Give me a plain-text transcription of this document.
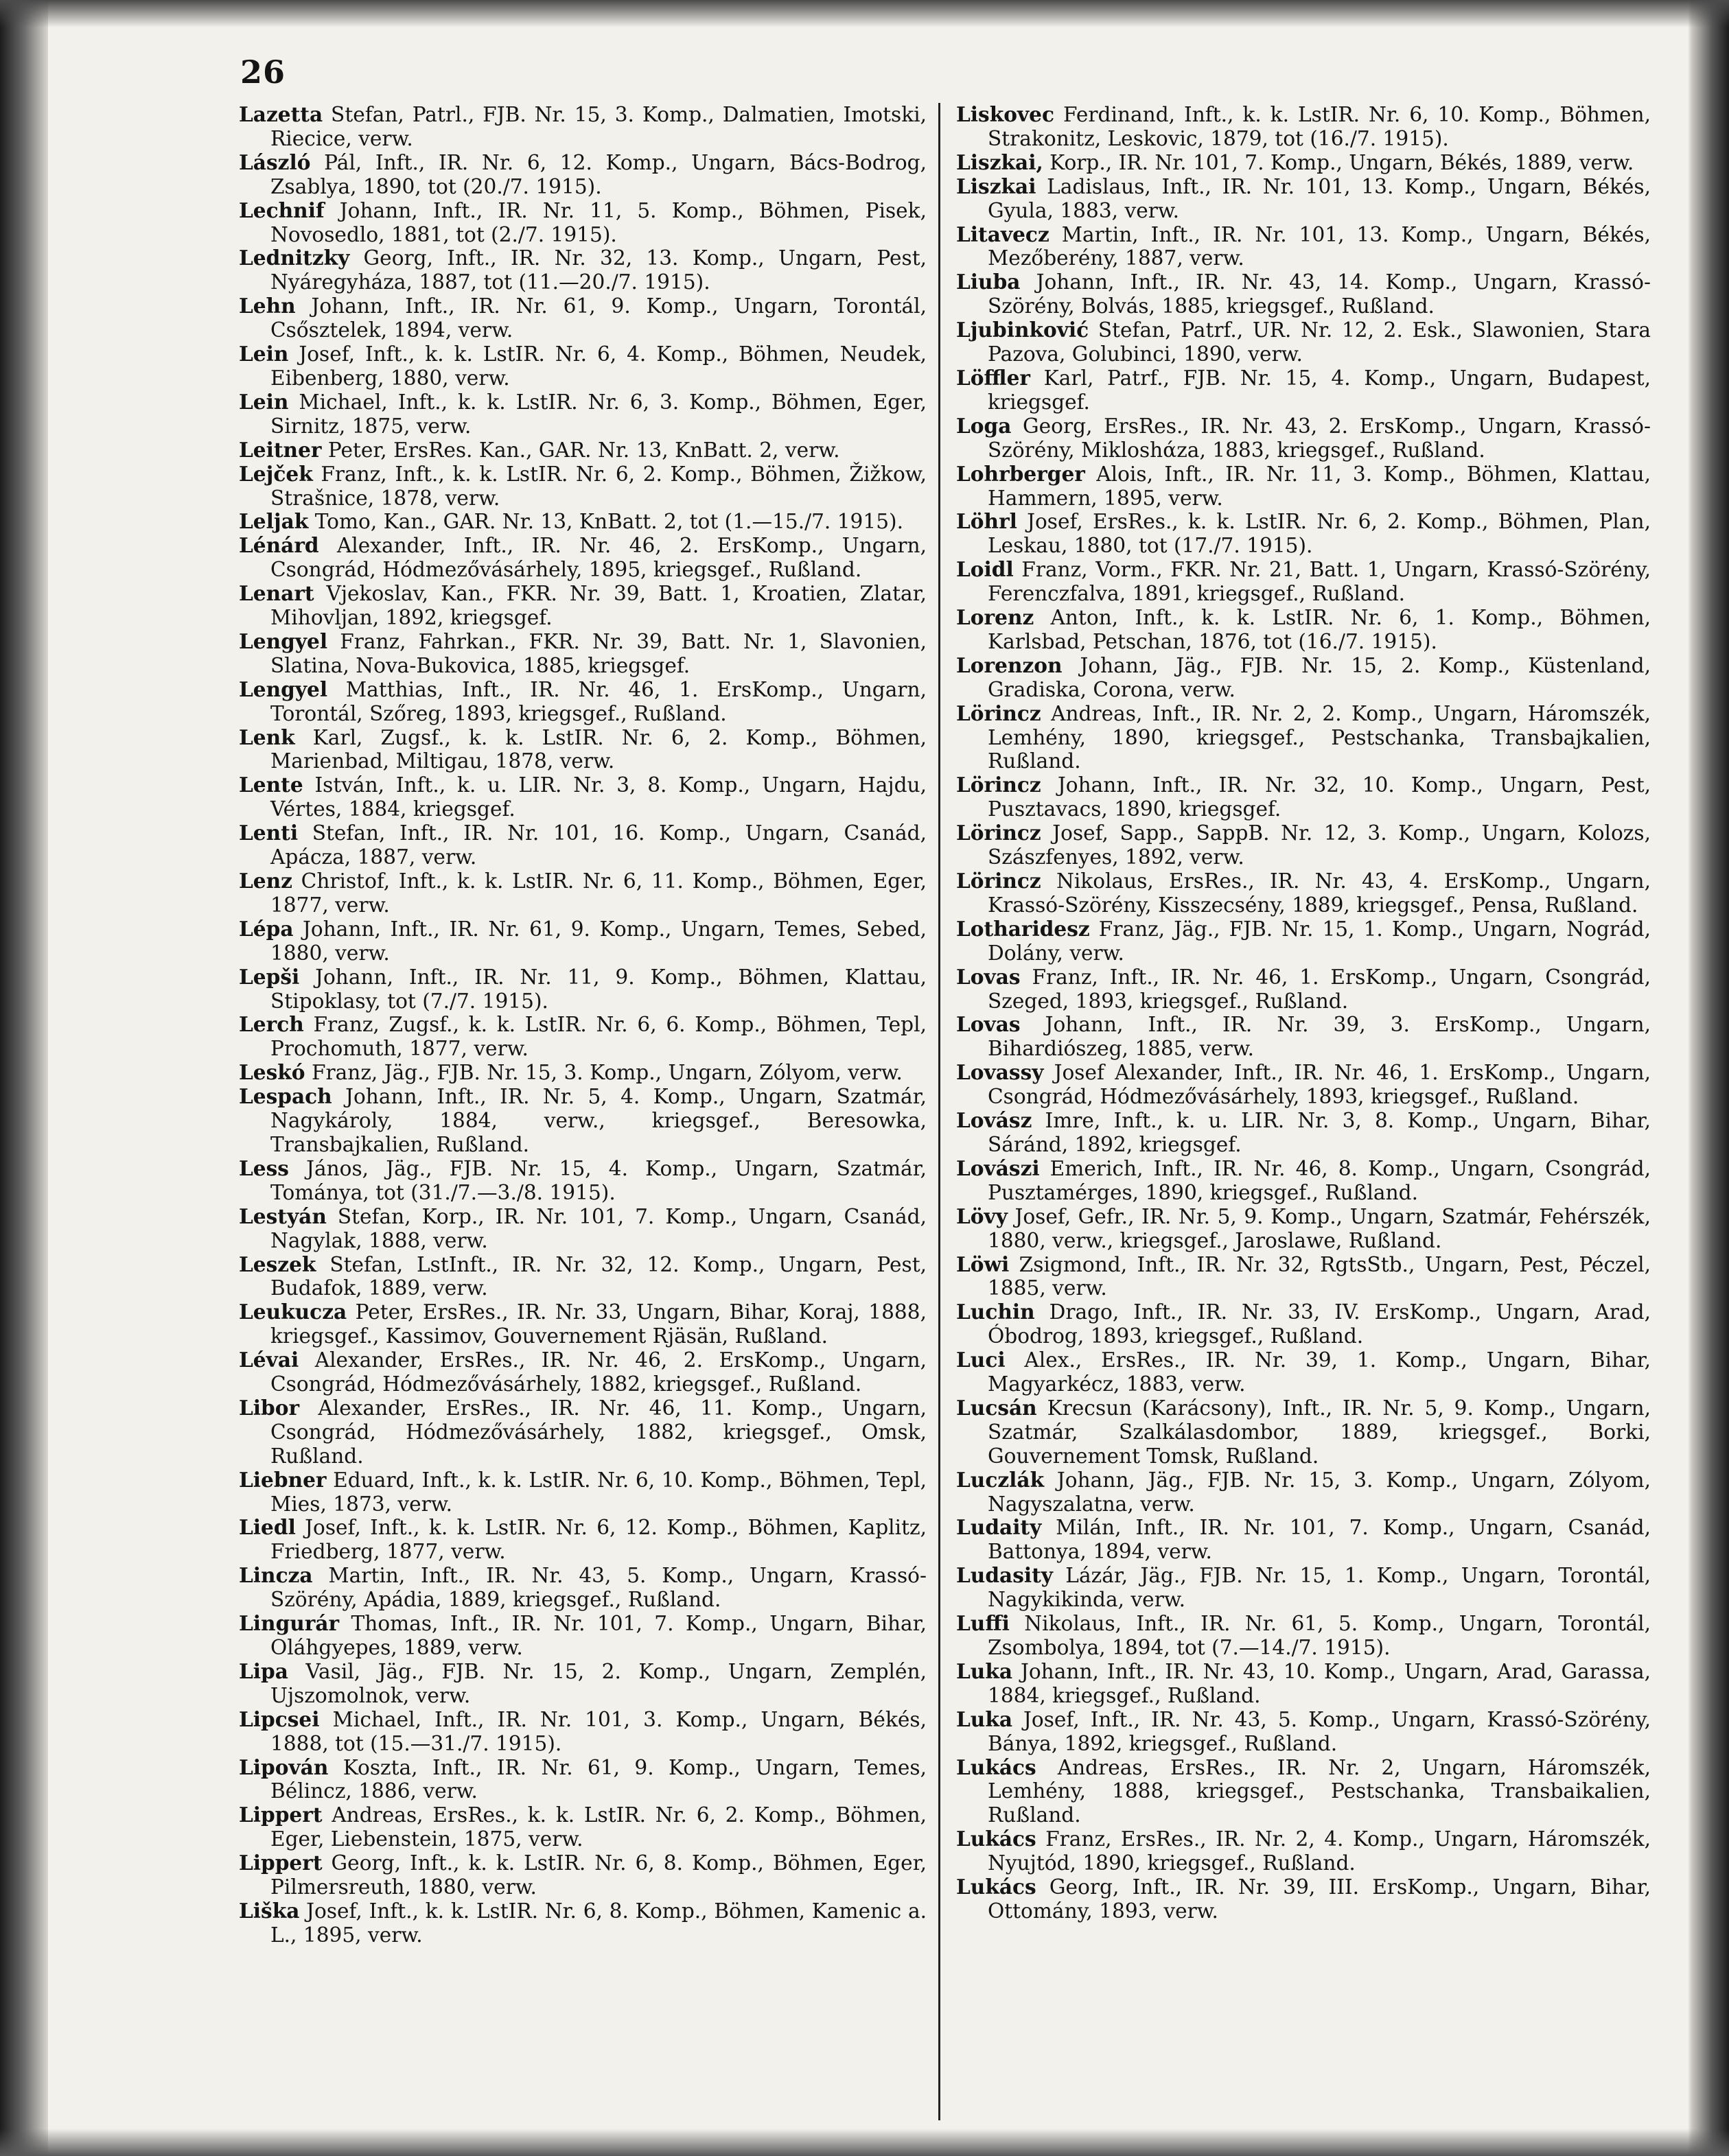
26

Lazetta Stefan, Patrl., FJB. Nr. 15, 3. Komp., Dalmatien, Imotski, Riecice, verw.

László Pál, Inft., IR. Nr. 6, 12. Komp., Ungarn, Bács-Bodrog, Zsablya, 1890, tot (20./7. 1915).

Lechnif Johann, Inft., IR. Nr. 11, 5. Komp., Böhmen, Pisek, Novosedlo, 1881, tot (2./7. 1915).

Lednitzky Georg, Inft., IR. Nr. 32, 13. Komp., Ungarn, Pest, Nyáregyháza, 1887, tot (11.—20./7. 1915).

Lehn Johann, Inft., IR. Nr. 61, 9. Komp., Ungarn, Torontál, Csősztelek, 1894, verw.

Lein Josef, Inft., k. k. LstIR. Nr. 6, 4. Komp., Böhmen, Neudek, Eibenberg, 1880, verw.

Lein Michael, Inft., k. k. LstIR. Nr. 6, 3. Komp., Böhmen, Eger, Sirnitz, 1875, verw.

Leitner Peter, ErsRes. Kan., GAR. Nr. 13, KnBatt. 2, verw.

Lejček Franz, Inft., k. k. LstIR. Nr. 6, 2. Komp., Böhmen, Žižkow, Strašnice, 1878, verw.

Leljak Tomo, Kan., GAR. Nr. 13, KnBatt. 2, tot (1.—15./7. 1915).

Lénárd Alexander, Inft., IR. Nr. 46, 2. ErsKomp., Ungarn, Csongrád, Hódmezővásárhely, 1895, kriegsgef., Rußland.

Lenart Vjekoslav, Kan., FKR. Nr. 39, Batt. 1, Kroatien, Zlatar, Mihovljan, 1892, kriegsgef.

Lengyel Franz, Fahrkan., FKR. Nr. 39, Batt. Nr. 1, Slavonien, Slatina, Nova-Bukovica, 1885, kriegsgef.

Lengyel Matthias, Inft., IR. Nr. 46, 1. ErsKomp., Ungarn, Torontál, Szőreg, 1893, kriegsgef., Rußland.

Lenk Karl, Zugsf., k. k. LstIR. Nr. 6, 2. Komp., Böhmen, Marienbad, Miltigau, 1878, verw.

Lente István, Inft., k. u. LIR. Nr. 3, 8. Komp., Ungarn, Hajdu, Vértes, 1884, kriegsgef.

Lenti Stefan, Inft., IR. Nr. 101, 16. Komp., Ungarn, Csanád, Apácza, 1887, verw.

Lenz Christof, Inft., k. k. LstIR. Nr. 6, 11. Komp., Böhmen, Eger, 1877, verw.

Lépa Johann, Inft., IR. Nr. 61, 9. Komp., Ungarn, Temes, Sebed, 1880, verw.

Lepši Johann, Inft., IR. Nr. 11, 9. Komp., Böhmen, Klattau, Stipoklasy, tot (7./7. 1915).

Lerch Franz, Zugsf., k. k. LstIR. Nr. 6, 6. Komp., Böhmen, Tepl, Prochomuth, 1877, verw.

Leskó Franz, Jäg., FJB. Nr. 15, 3. Komp., Ungarn, Zólyom, verw.

Lespach Johann, Inft., IR. Nr. 5, 4. Komp., Ungarn, Szatmár, Nagykároly, 1884, verw., kriegsgef., Beresowka, Transbajkalien, Rußland.

Less János, Jäg., FJB. Nr. 15, 4. Komp., Ungarn, Szatmár, Tománya, tot (31./7.—3./8. 1915).

Lestyán Stefan, Korp., IR. Nr. 101, 7. Komp., Ungarn, Csanád, Nagylak, 1888, verw.

Leszek Stefan, LstInft., IR. Nr. 32, 12. Komp., Ungarn, Pest, Budafok, 1889, verw.

Leukucza Peter, ErsRes., IR. Nr. 33, Ungarn, Bihar, Koraj, 1888, kriegsgef., Kassimov, Gouvernement Rjäsän, Rußland.

Lévai Alexander, ErsRes., IR. Nr. 46, 2. ErsKomp., Ungarn, Csongrád, Hódmezővásárhely, 1882, kriegsgef., Rußland.

Libor Alexander, ErsRes., IR. Nr. 46, 11. Komp., Ungarn, Csongrád, Hódmezővásárhely, 1882, kriegsgef., Omsk, Rußland.

Liebner Eduard, Inft., k. k. LstIR. Nr. 6, 10. Komp., Böhmen, Tepl, Mies, 1873, verw.

Liedl Josef, Inft., k. k. LstIR. Nr. 6, 12. Komp., Böhmen, Kaplitz, Friedberg, 1877, verw.

Lincza Martin, Inft., IR. Nr. 43, 5. Komp., Ungarn, Krassó-Szörény, Apádia, 1889, kriegsgef., Rußland.

Lingurár Thomas, Inft., IR. Nr. 101, 7. Komp., Ungarn, Bihar, Oláhgyepes, 1889, verw.

Lipa Vasil, Jäg., FJB. Nr. 15, 2. Komp., Ungarn, Zemplén, Ujszomolnok, verw.

Lipcsei Michael, Inft., IR. Nr. 101, 3. Komp., Ungarn, Békés, 1888, tot (15.—31./7. 1915).

Lipován Koszta, Inft., IR. Nr. 61, 9. Komp., Ungarn, Temes, Bélincz, 1886, verw.

Lippert Andreas, ErsRes., k. k. LstIR. Nr. 6, 2. Komp., Böhmen, Eger, Liebenstein, 1875, verw.

Lippert Georg, Inft., k. k. LstIR. Nr. 6, 8. Komp., Böhmen, Eger, Pilmersreuth, 1880, verw.

Liška Josef, Inft., k. k. LstIR. Nr. 6, 8. Komp., Böhmen, Kamenic a. L., 1895, verw.

Liskovec Ferdinand, Inft., k. k. LstIR. Nr. 6, 10. Komp., Böhmen, Strakonitz, Leskovic, 1879, tot (16./7. 1915).

Liszkai, Korp., IR. Nr. 101, 7. Komp., Ungarn, Békés, 1889, verw.

Liszkai Ladislaus, Inft., IR. Nr. 101, 13. Komp., Ungarn, Békés, Gyula, 1883, verw.

Litavecz Martin, Inft., IR. Nr. 101, 13. Komp., Ungarn, Békés, Mezőberény, 1887, verw.

Liuba Johann, Inft., IR. Nr. 43, 14. Komp., Ungarn, Krassó-Szörény, Bolvás, 1885, kriegsgef., Rußland.

Ljubinković Stefan, Patrf., UR. Nr. 12, 2. Esk., Slawonien, Stara Pazova, Golubinci, 1890, verw.

Löffler Karl, Patrf., FJB. Nr. 15, 4. Komp., Ungarn, Budapest, kriegsgef.

Loga Georg, ErsRes., IR. Nr. 43, 2. ErsKomp., Ungarn, Krassó-Szörény, Mikloshάza, 1883, kriegsgef., Rußland.

Lohrberger Alois, Inft., IR. Nr. 11, 3. Komp., Böhmen, Klattau, Hammern, 1895, verw.

Löhrl Josef, ErsRes., k. k. LstIR. Nr. 6, 2. Komp., Böhmen, Plan, Leskau, 1880, tot (17./7. 1915).

Loidl Franz, Vorm., FKR. Nr. 21, Batt. 1, Ungarn, Krassó-Szörény, Ferenczfalva, 1891, kriegsgef., Rußland.

Lorenz Anton, Inft., k. k. LstIR. Nr. 6, 1. Komp., Böhmen, Karlsbad, Petschan, 1876, tot (16./7. 1915).

Lorenzon Johann, Jäg., FJB. Nr. 15, 2. Komp., Küstenland, Gradiska, Corona, verw.

Lörincz Andreas, Inft., IR. Nr. 2, 2. Komp., Ungarn, Háromszék, Lemhény, 1890, kriegsgef., Pestschanka, Transbajkalien, Rußland.

Lörincz Johann, Inft., IR. Nr. 32, 10. Komp., Ungarn, Pest, Pusztavacs, 1890, kriegsgef.

Lörincz Josef, Sapp., SappB. Nr. 12, 3. Komp., Ungarn, Kolozs, Szászfenyes, 1892, verw.

Lörincz Nikolaus, ErsRes., IR. Nr. 43, 4. ErsKomp., Ungarn, Krassó-Szörény, Kisszecsény, 1889, kriegsgef., Pensa, Rußland.

Lotharidesz Franz, Jäg., FJB. Nr. 15, 1. Komp., Ungarn, Nográd, Dolány, verw.

Lovas Franz, Inft., IR. Nr. 46, 1. ErsKomp., Ungarn, Csongrád, Szeged, 1893, kriegsgef., Rußland.

Lovas Johann, Inft., IR. Nr. 39, 3. ErsKomp., Ungarn, Bihardiószeg, 1885, verw.

Lovassy Josef Alexander, Inft., IR. Nr. 46, 1. ErsKomp., Ungarn, Csongrád, Hódmezővásárhely, 1893, kriegsgef., Rußland.

Lovász Imre, Inft., k. u. LIR. Nr. 3, 8. Komp., Ungarn, Bihar, Sáránd, 1892, kriegsgef.

Lovászi Emerich, Inft., IR. Nr. 46, 8. Komp., Ungarn, Csongrád, Pusztamérges, 1890, kriegsgef., Rußland.

Lövy Josef, Gefr., IR. Nr. 5, 9. Komp., Ungarn, Szatmár, Fehérszék, 1880, verw., kriegsgef., Jaroslawe, Rußland.

Löwi Zsigmond, Inft., IR. Nr. 32, RgtsStb., Ungarn, Pest, Péczel, 1885, verw.

Luchin Drago, Inft., IR. Nr. 33, IV. ErsKomp., Ungarn, Arad, Óbodrog, 1893, kriegsgef., Rußland.

Luci Alex., ErsRes., IR. Nr. 39, 1. Komp., Ungarn, Bihar, Magyarkécz, 1883, verw.

Lucsán Krecsun (Karácsony), Inft., IR. Nr. 5, 9. Komp., Ungarn, Szatmár, Szalkálasdombor, 1889, kriegsgef., Borki, Gouvernement Tomsk, Rußland.

Luczlák Johann, Jäg., FJB. Nr. 15, 3. Komp., Ungarn, Zólyom, Nagyszalatna, verw.

Ludaity Milán, Inft., IR. Nr. 101, 7. Komp., Ungarn, Csanád, Battonya, 1894, verw.

Ludasity Lázár, Jäg., FJB. Nr. 15, 1. Komp., Ungarn, Torontál, Nagykikinda, verw.

Luffi Nikolaus, Inft., IR. Nr. 61, 5. Komp., Ungarn, Torontál, Zsombolya, 1894, tot (7.—14./7. 1915).

Luka Johann, Inft., IR. Nr. 43, 10. Komp., Ungarn, Arad, Garassa, 1884, kriegsgef., Rußland.

Luka Josef, Inft., IR. Nr. 43, 5. Komp., Ungarn, Krassó-Szörény, Bánya, 1892, kriegsgef., Rußland.

Lukács Andreas, ErsRes., IR. Nr. 2, Ungarn, Háromszék, Lemhény, 1888, kriegsgef., Pestschanka, Transbaikalien, Rußland.

Lukács Franz, ErsRes., IR. Nr. 2, 4. Komp., Ungarn, Háromszék, Nyujtód, 1890, kriegsgef., Rußland.

Lukács Georg, Inft., IR. Nr. 39, III. ErsKomp., Ungarn, Bihar, Ottomány, 1893, verw.
